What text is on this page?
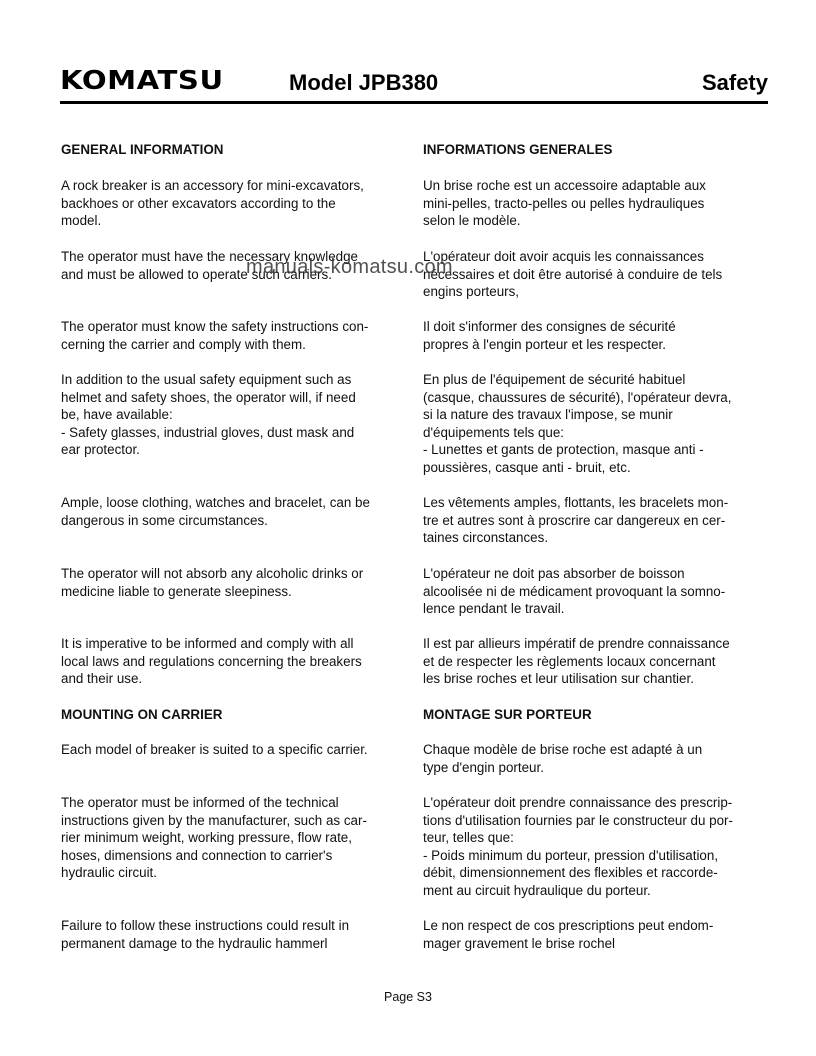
KOMATSU	Model JPB380	Safety
GENERAL INFORMATION
A rock breaker is an accessory for mini-excavators,
backhoes or other excavators according to the
model.
The operator must have the necessary knowledge
and must be allowed to operate such carriers.
The operator must know the safety instructions con-
cerning the carrier and comply with them.
In addition to the usual safety equipment such as
helmet and safety shoes, the operator will, if need
be, have available:
- Safety glasses, industrial gloves, dust mask and
ear protector.
Ample, loose clothing, watches and bracelet, can be
dangerous in some circumstances.
The operator will not absorb any alcoholic drinks or
medicine liable to generate sleepiness.
It is imperative to be informed and comply with all
local laws and regulations concerning the breakers
and their use.
MOUNTING ON CARRIER
Each model of breaker is suited to a specific carrier.
The operator must be informed of the technical
instructions given by the manufacturer, such as car-
rier minimum weight, working pressure, flow rate,
hoses, dimensions and connection to carrier's
hydraulic circuit.
Failure to follow these instructions could result in
permanent damage to the hydraulic hammerl
INFORMATIONS GENERALES
Un brise roche est un accessoire adaptable aux
mini-pelles, tracto-pelles ou pelles hydrauliques
selon le modèle.
L'opérateur doit avoir acquis les connaissances
nécessaires et doit être autorisé à conduire de tels
engins porteurs,
Il doit s'informer des consignes de sécurité
propres à l'engin porteur et les respecter.
En plus de l'équipement de sécurité habituel
(casque, chaussures de sécurité), l'opérateur devra,
si la nature des travaux l'impose, se munir
d'équipements tels que:
- Lunettes et gants de protection, masque anti -
poussières, casque anti - bruit, etc.
Les vêtements amples, flottants, les bracelets mon-
tre et autres sont à proscrire car dangereux en cer-
taines circonstances.
L'opérateur ne doit pas absorber de boisson
alcoolisée ni de médicament provoquant la somno-
lence pendant le travail.
Il est par allieurs impératif de prendre connaissance
et de respecter les règlements locaux concernant
les brise roches et leur utilisation sur chantier.
MONTAGE SUR PORTEUR
Chaque modèle de brise roche est adapté à un
type d'engin porteur.
L'opérateur doit prendre connaissance des prescrip-
tions d'utilisation fournies par le constructeur du por-
teur, telles que:
- Poids minimum du porteur, pression d'utilisation,
débit, dimensionnement des flexibles et raccorde-
ment au circuit hydraulique du porteur.
Le non respect de cos prescriptions peut endom-
mager gravement le brise rochel
manuals-komatsu.com
Page S3
